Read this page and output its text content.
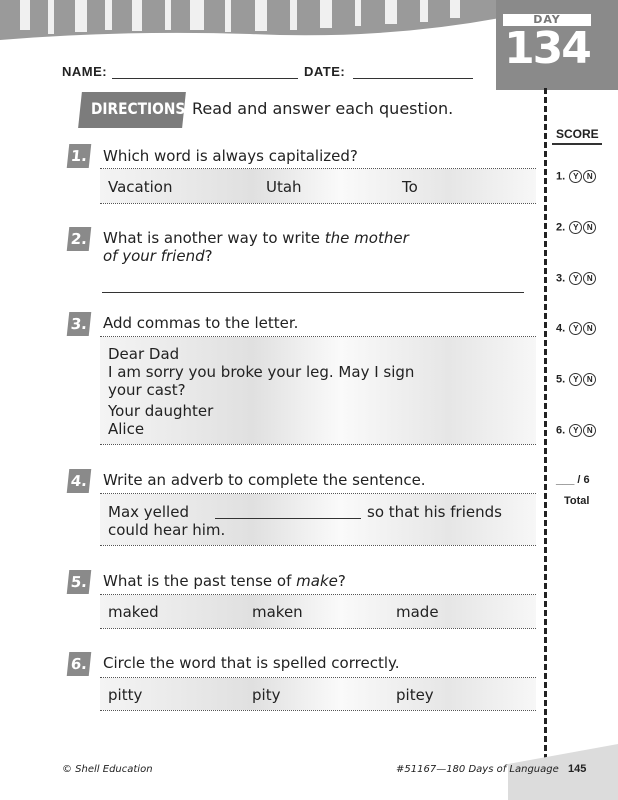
DAY
134
NAME:	DATE:
DIRECTIONS Read and answer each question.
SCORE
1. Y N
2. Y N
3. Y N
4. Y N
5. Y N
6. Y N
___ / 6
Total
1. Which word is always capitalized?
Vacation	Utah	To
2. What is another way to write the mother
of your friend?
3. Add commas to the letter.
Dear Dad
I am sorry you broke your leg. May I sign
your cast?
Your daughter
Alice
4. Write an adverb to complete the sentence.
Max yelled	so that his friends
could hear him.
5. What is the past tense of make?
maked	maken	made
6. Circle the word that is spelled correctly.
pitty	pity	pitey
© Shell Education	#51167—180 Days of Language 145
